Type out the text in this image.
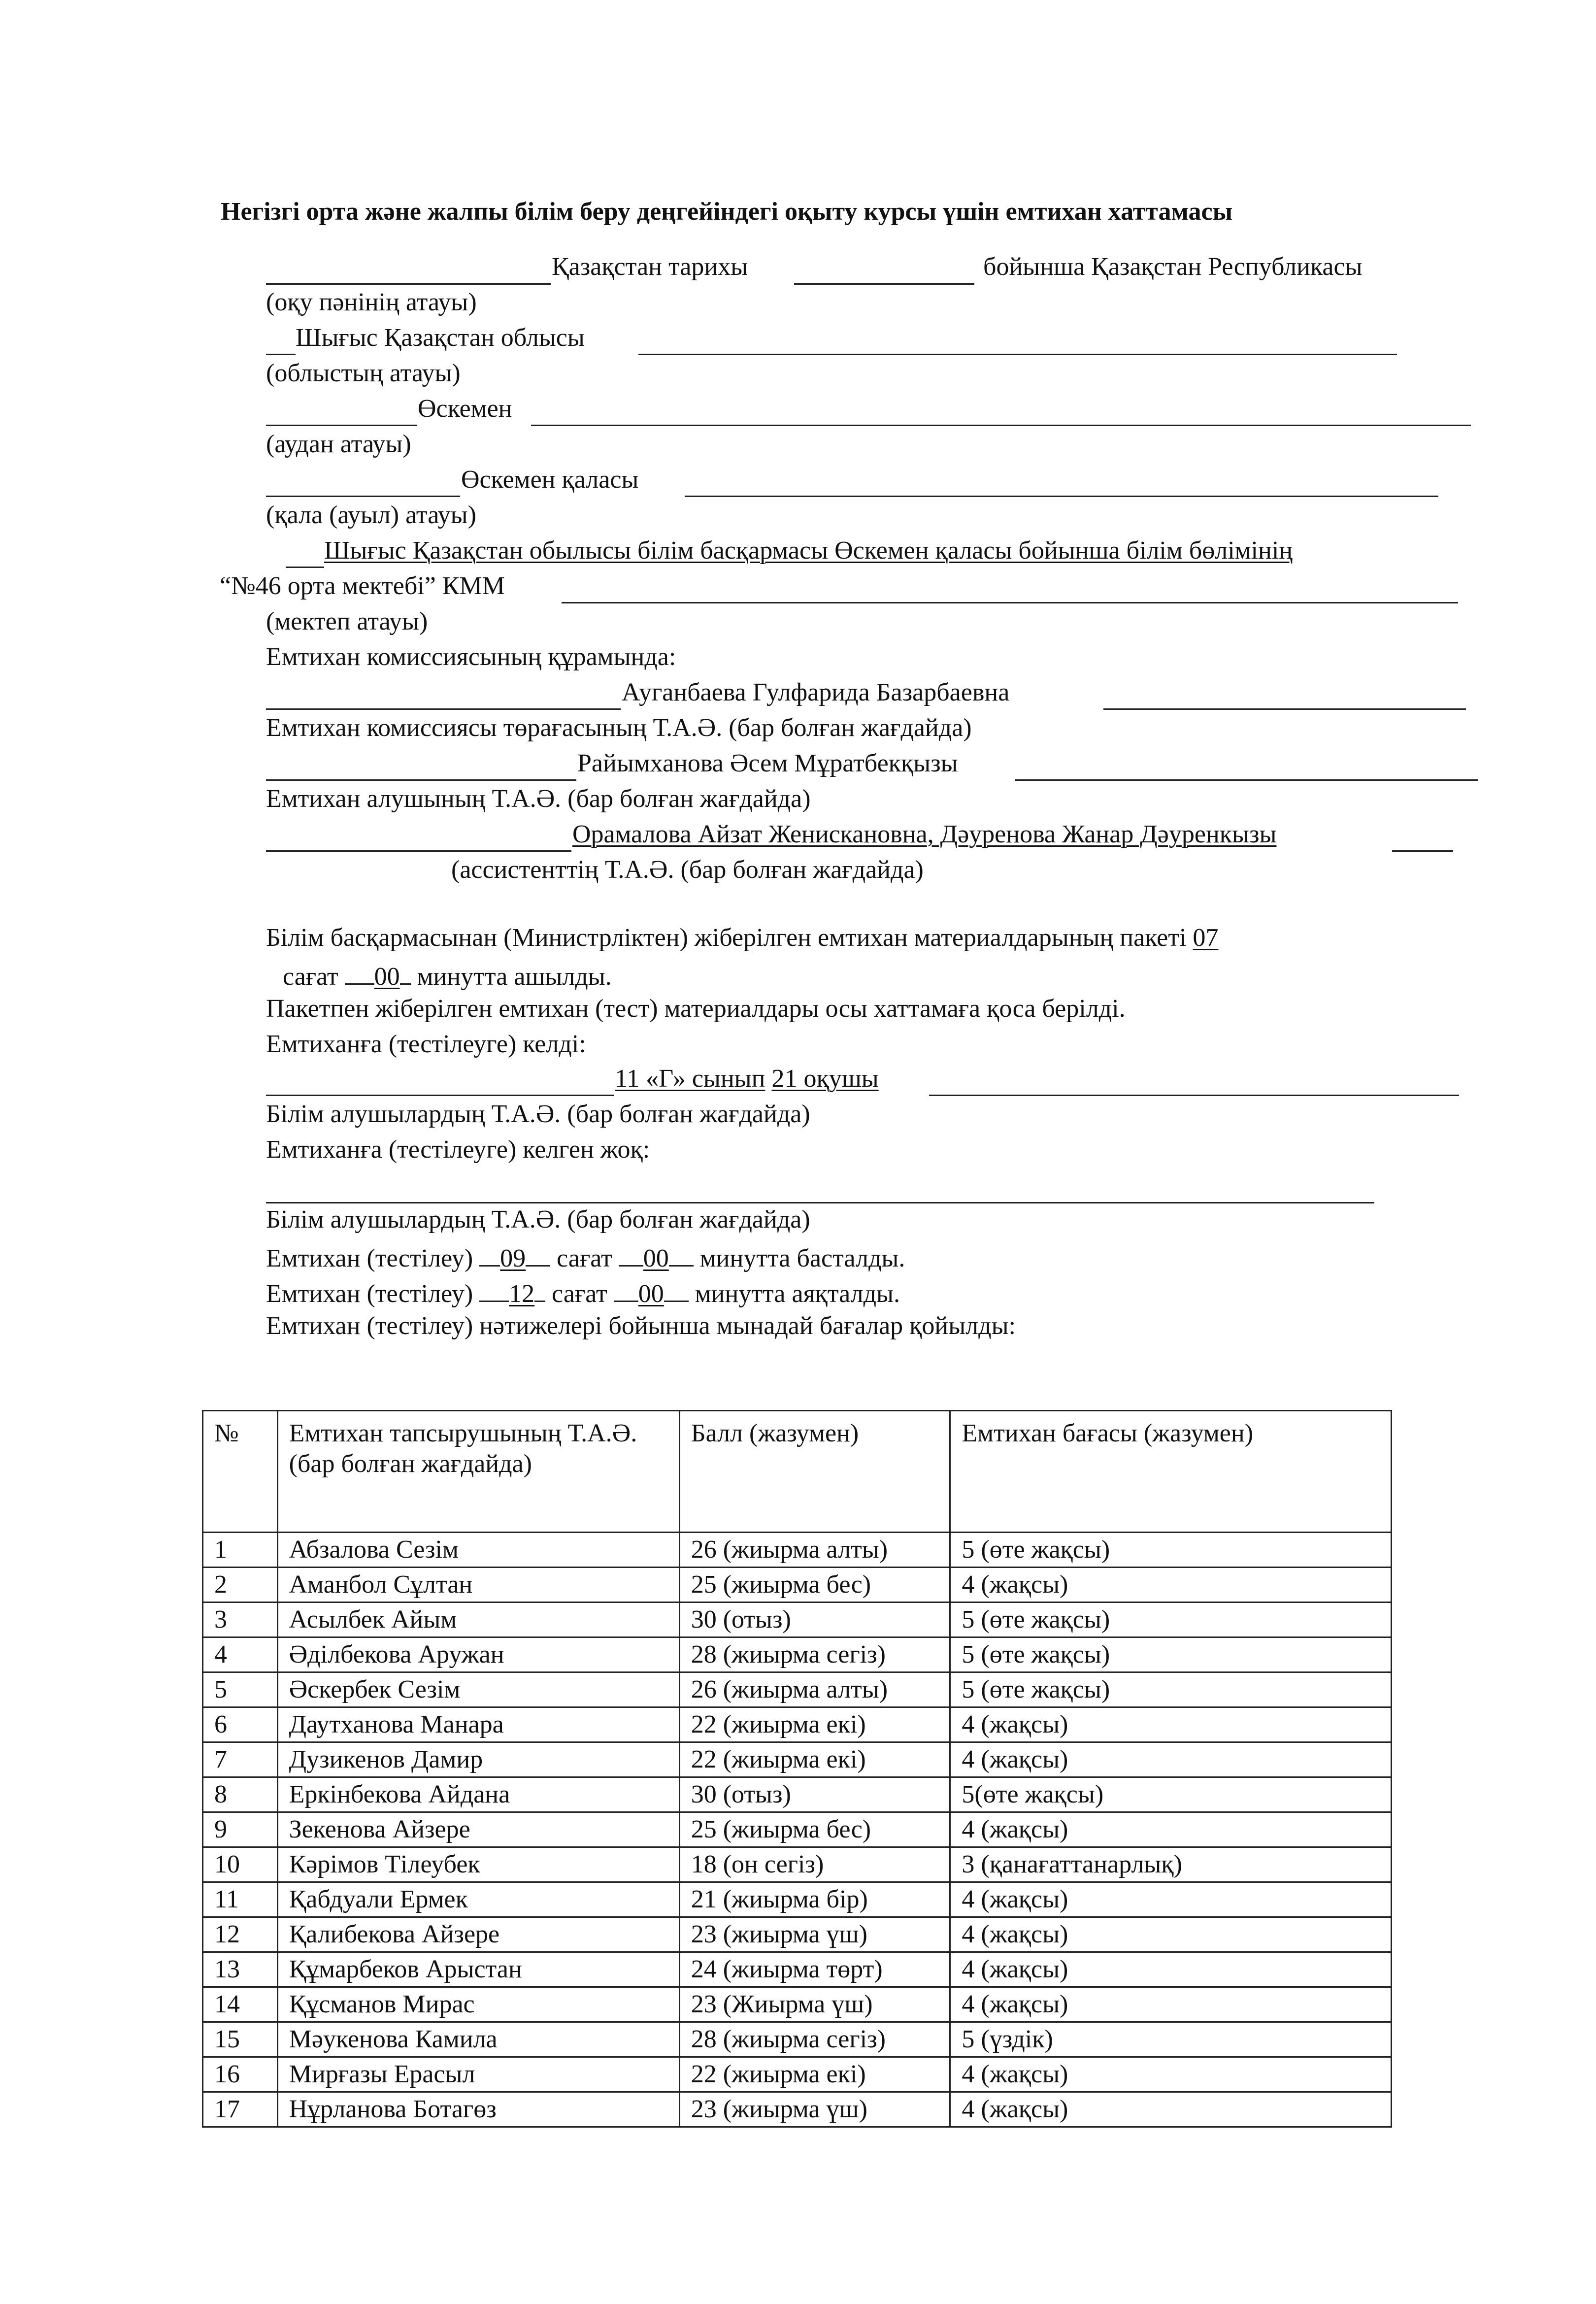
Негізгі орта және жалпы білім беру деңгейіндегі оқыту курсы үшін емтихан хаттамасы
Қазақстан тарихы	бойынша Қазақстан Республикасы
(оқу пәнінің атауы)
Шығыс Қазақстан облысы
(облыстың атауы)
Өскемен
(аудан атауы)
Өскемен қаласы
(қала (ауыл) атауы)
Шығыс Қазақстан обылысы білім басқармасы Өскемен қаласы бойынша білім бөлімінің
“№46 орта мектебі” КММ
(мектеп атауы)
Емтихан комиссиясының құрамында:
Ауганбаева Гулфарида Базарбаевна
Емтихан комиссиясы төрағасының Т.А.Ә. (бар болған жағдайда)
Райымханова Әсем Мұратбекқызы
Емтихан алушының Т.А.Ә. (бар болған жағдайда)
Орамалова Айзат Женискановна, Дәуренова Жанар Дәуренкызы
(ассистенттің Т.А.Ә. (бар болған жағдайда)
Білім басқармасынан (Министрліктен) жіберілген емтихан материалдарының пакеті 07
сағат 00 минутта ашылды.
Пакетпен жіберілген емтихан (тест) материалдары осы хаттамаға қоса берілді.
Емтиханға (тестілеуге) келді:
11 «Г» сынып 21 оқушы
Білім алушылардың Т.А.Ә. (бар болған жағдайда)
Емтиханға (тестілеуге) келген жоқ:
Білім алушылардың Т.А.Ә. (бар болған жағдайда)
Емтихан (тестілеу) 09 сағат 00 минутта басталды.
Емтихан (тестілеу) 12 сағат 00 минутта аяқталды.
Емтихан (тестілеу) нәтижелері бойынша мынадай бағалар қойылды:
№	Емтихан тапсырушының Т.А.Ә. (бар болған жағдайда)	Балл (жазумен)	Емтихан бағасы (жазумен)
1	Абзалова Сезім	26 (жиырма алты)	5 (өте жақсы)
2	Аманбол Сұлтан	25 (жиырма бес)	4 (жақсы)
3	Асылбек Айым	30 (отыз)	5 (өте жақсы)
4	Әділбекова Аружан	28 (жиырма сегіз)	5 (өте жақсы)
5	Әскербек Сезім	26 (жиырма алты)	5 (өте жақсы)
6	Даутханова Манара	22 (жиырма екі)	4 (жақсы)
7	Дузикенов Дамир	22 (жиырма екі)	4 (жақсы)
8	Еркінбекова Айдана	30 (отыз)	5(өте жақсы)
9	Зекенова Айзере	25 (жиырма бес)	4 (жақсы)
10	Кәрімов Тілеубек	18 (он сегіз)	3 (қанағаттанарлық)
11	Қабдуали Ермек	21 (жиырма бір)	4 (жақсы)
12	Қалибекова Айзере	23 (жиырма үш)	4 (жақсы)
13	Құмарбеков Арыстан	24 (жиырма төрт)	4 (жақсы)
14	Құсманов Мирас	23 (Жиырма үш)	4 (жақсы)
15	Мәукенова Камила	28 (жиырма сегіз)	5 (үздік)
16	Мирғазы Ерасыл	22 (жиырма екі)	4 (жақсы)
17	Нұрланова Ботагөз	23 (жиырма үш)	4 (жақсы)
